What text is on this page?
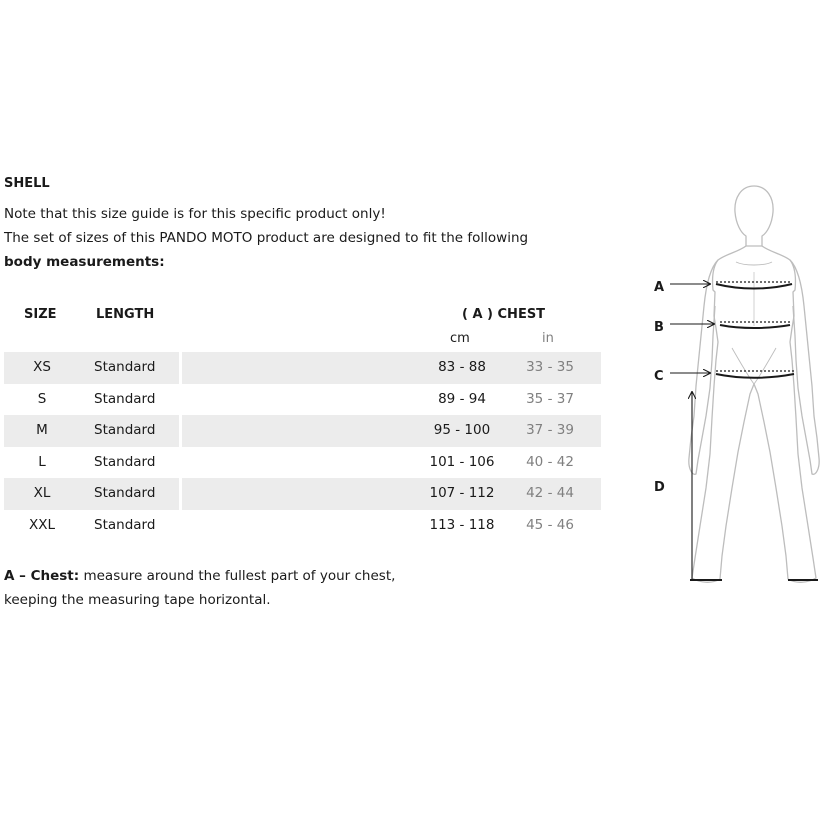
SHELL
Note that this size guide is for this specific product only!
The set of sizes of this PANDO MOTO product are designed to fit the following
body measurements:
SIZE	LENGTH	( A ) CHEST
cm	in
XS	Standard	83 - 88	33 - 35
S	Standard	89 - 94	35 - 37
M	Standard	95 - 100	37 - 39
L	Standard	101 - 106	40 - 42
XL	Standard	107 - 112	42 - 44
XXL	Standard	113 - 118	45 - 46
A – Chest: measure around the fullest part of your chest,
keeping the measuring tape horizontal.
A
B
C
D
